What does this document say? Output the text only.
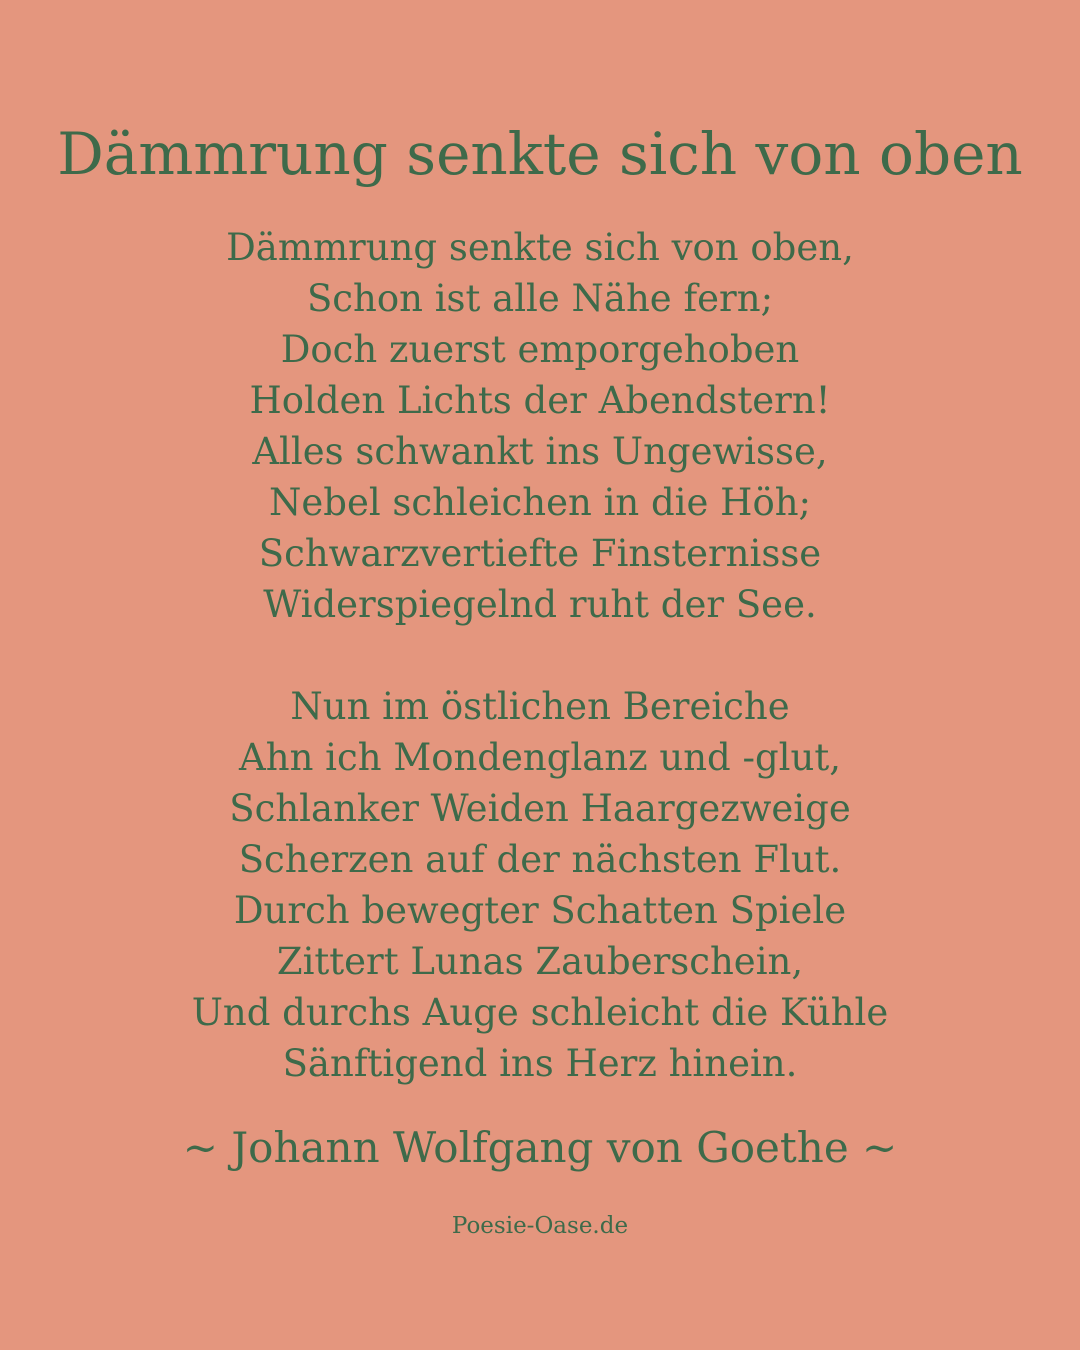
Dämmrung senkte sich von oben
Dämmrung senkte sich von oben,
Schon ist alle Nähe fern;
Doch zuerst emporgehoben
Holden Lichts der Abendstern!
Alles schwankt ins Ungewisse,
Nebel schleichen in die Höh;
Schwarzvertiefte Finsternisse
Widerspiegelnd ruht der See.
Nun im östlichen Bereiche
Ahn ich Mondenglanz und -glut,
Schlanker Weiden Haargezweige
Scherzen auf der nächsten Flut.
Durch bewegter Schatten Spiele
Zittert Lunas Zauberschein,
Und durchs Auge schleicht die Kühle
Sänftigend ins Herz hinein.

~ Johann Wolfgang von Goethe ~

Poesie-Oase.de
